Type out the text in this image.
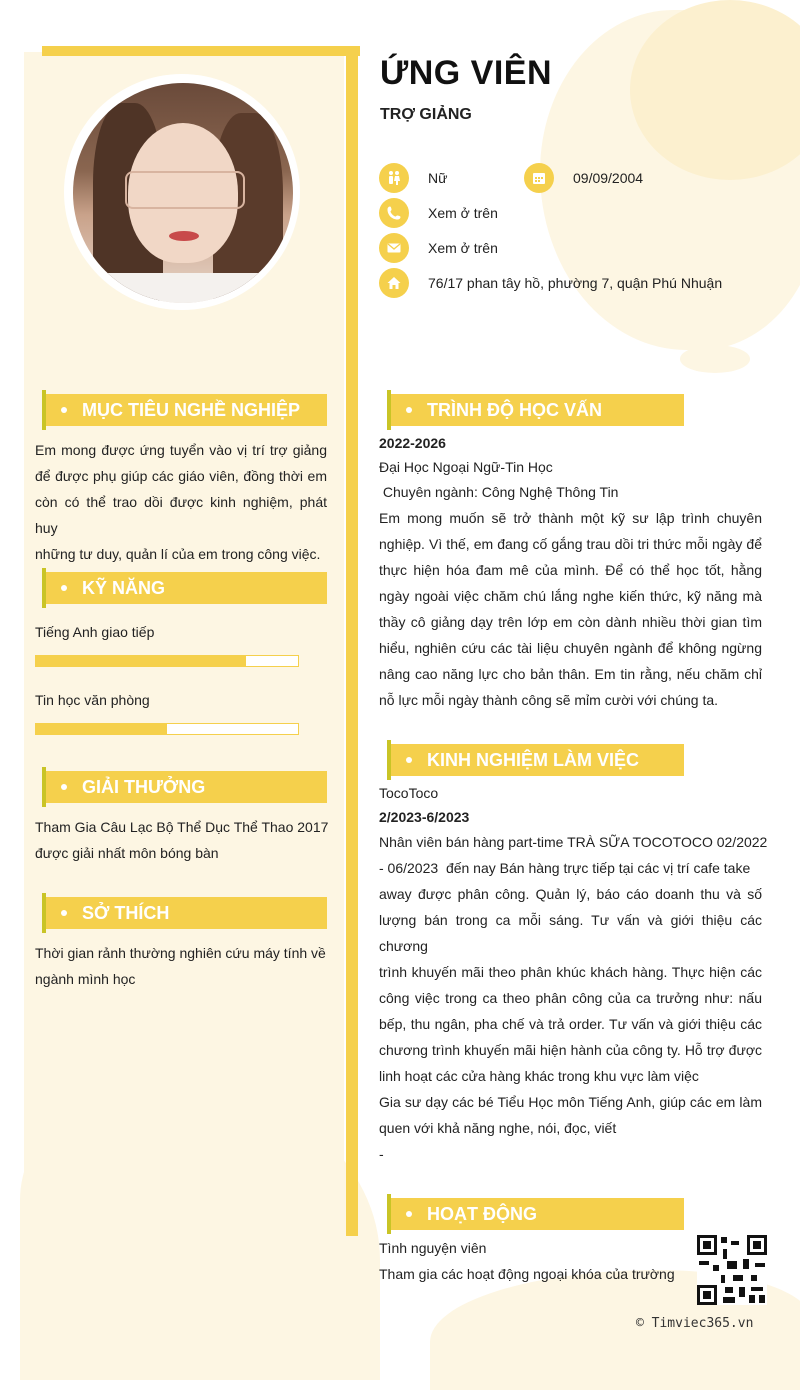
ỨNG VIÊN
TRỢ GIẢNG
Nữ	09/09/2004
Xem ở trên
Xem ở trên
76/17 phan tây hồ, phường 7, quận Phú Nhuận
MỤC TIÊU NGHỀ NGHIỆP
Em mong được ứng tuyển vào vị trí trợ giảng
để được phụ giúp các giáo viên, đồng thời em
còn có thể trao dồi được kinh nghiệm, phát huy
những tư duy, quản lí của em trong công việc.
KỸ NĂNG
Tiếng Anh giao tiếp
Tin học văn phòng
GIẢI THƯỞNG
Tham Gia Câu Lạc Bộ Thể Dục Thể Thao 2017
được giải nhất môn bóng bàn
SỞ THÍCH
Thời gian rảnh thường nghiên cứu máy tính về
ngành mình học
TRÌNH ĐỘ HỌC VẤN
2022-2026
Đại Học Ngoại Ngữ-Tin Học
Chuyên ngành: Công Nghệ Thông Tin
Em mong muốn sẽ trở thành một kỹ sư lập trình chuyên
nghiệp. Vì thế, em đang cố gắng trau dồi tri thức mỗi ngày để
thực hiện hóa đam mê của mình. Để có thể học tốt, hằng
ngày ngoài việc chăm chú lắng nghe kiến thức, kỹ năng mà
thầy cô giảng dạy trên lớp em còn dành nhiều thời gian tìm
hiểu, nghiên cứu các tài liệu chuyên ngành để không ngừng
nâng cao năng lực cho bản thân. Em tin rằng, nếu chăm chỉ
nỗ lực mỗi ngày thành công sẽ mỉm cười với chúng ta.
KINH NGHIỆM LÀM VIỆC
TocoToco
2/2023-6/2023
Nhân viên bán hàng part-time TRÀ SỮA TOCOTOCO 02/2022
- 06/2023  đến nay Bán hàng trực tiếp tại các vị trí cafe take
away được phân công. Quản lý, báo cáo doanh thu và số
lượng bán trong ca mỗi sáng. Tư vấn và giới thiệu các chương
trình khuyến mãi theo phân khúc khách hàng. Thực hiện các
công việc trong ca theo phân công của ca trưởng như: nấu
bếp, thu ngân, pha chế và trả order. Tư vấn và giới thiệu các
chương trình khuyến mãi hiện hành của công ty. Hỗ trợ được
linh hoạt các cửa hàng khác trong khu vực làm việc
Gia sư dạy các bé Tiểu Học môn Tiếng Anh, giúp các em làm
quen với khả năng nghe, nói, đọc, viết
-
HOẠT ĐỘNG
Tình nguyện viên
Tham gia các hoạt động ngoại khóa của trường
© Timviec365.vn
